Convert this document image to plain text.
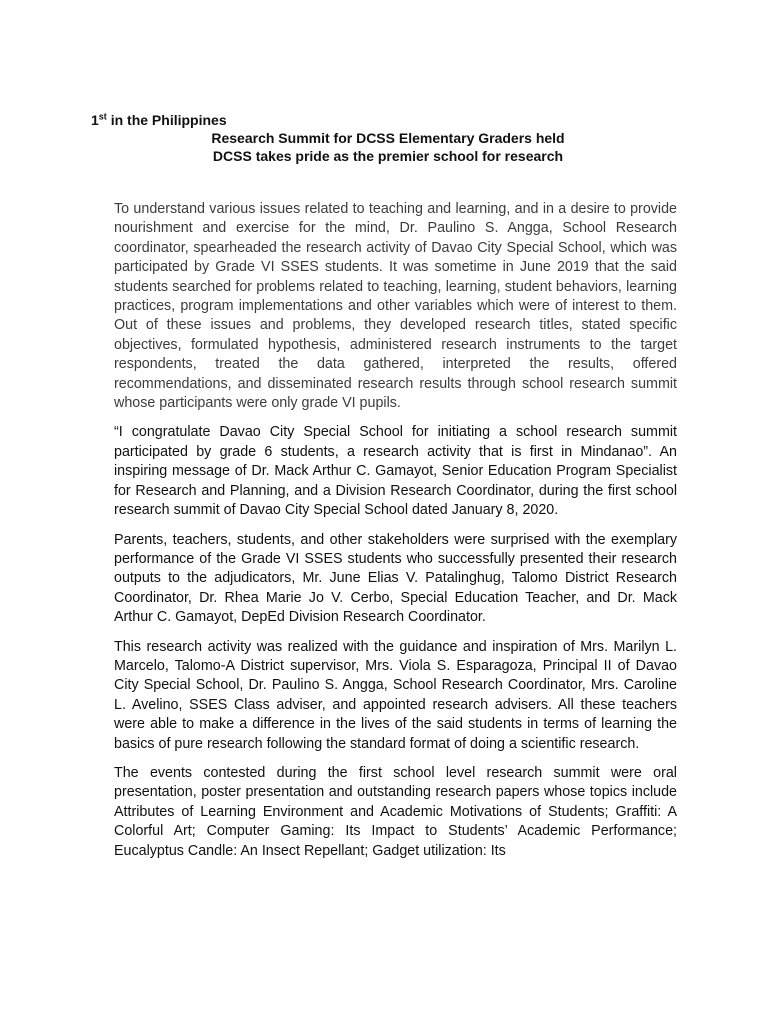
1st in the Philippines
Research Summit for DCSS Elementary Graders held
DCSS takes pride as the premier school for research

To understand various issues related to teaching and learning, and in a desire to provide nourishment and exercise for the mind, Dr. Paulino S. Angga, School Research coordinator, spearheaded the research activity of Davao City Special School, which was participated by Grade VI SSES students. It was sometime in June 2019 that the said students searched for problems related to teaching, learning, student behaviors, learning practices, program implementations and other variables which were of interest to them. Out of these issues and problems, they developed research titles, stated specific objectives, formulated hypothesis, administered research instruments to the target respondents, treated the data gathered, interpreted the results, offered recommendations, and disseminated research results through school research summit whose participants were only grade VI pupils.

“I congratulate Davao City Special School for initiating a school research summit participated by grade 6 students, a research activity that is first in Mindanao”. An inspiring message of Dr. Mack Arthur C. Gamayot, Senior Education Program Specialist for Research and Planning, and a Division Research Coordinator, during the first school research summit of Davao City Special School dated January 8, 2020.

Parents, teachers, students, and other stakeholders were surprised with the exemplary performance of the Grade VI SSES students who successfully presented their research outputs to the adjudicators, Mr. June Elias V. Patalinghug, Talomo District Research Coordinator, Dr. Rhea Marie Jo V. Cerbo, Special Education Teacher, and Dr. Mack Arthur C. Gamayot, DepEd Division Research Coordinator.

This research activity was realized with the guidance and inspiration of Mrs. Marilyn L. Marcelo, Talomo-A District supervisor, Mrs. Viola S. Esparagoza, Principal II of Davao City Special School, Dr. Paulino S. Angga, School Research Coordinator, Mrs. Caroline L. Avelino, SSES Class adviser, and appointed research advisers. All these teachers were able to make a difference in the lives of the said students in terms of learning the basics of pure research following the standard format of doing a scientific research.

The events contested during the first school level research summit were oral presentation, poster presentation and outstanding research papers whose topics include Attributes of Learning Environment and Academic Motivations of Students; Graffiti: A Colorful Art; Computer Gaming: Its Impact to Students’ Academic Performance; Eucalyptus Candle: An Insect Repellant; Gadget utilization: Its
